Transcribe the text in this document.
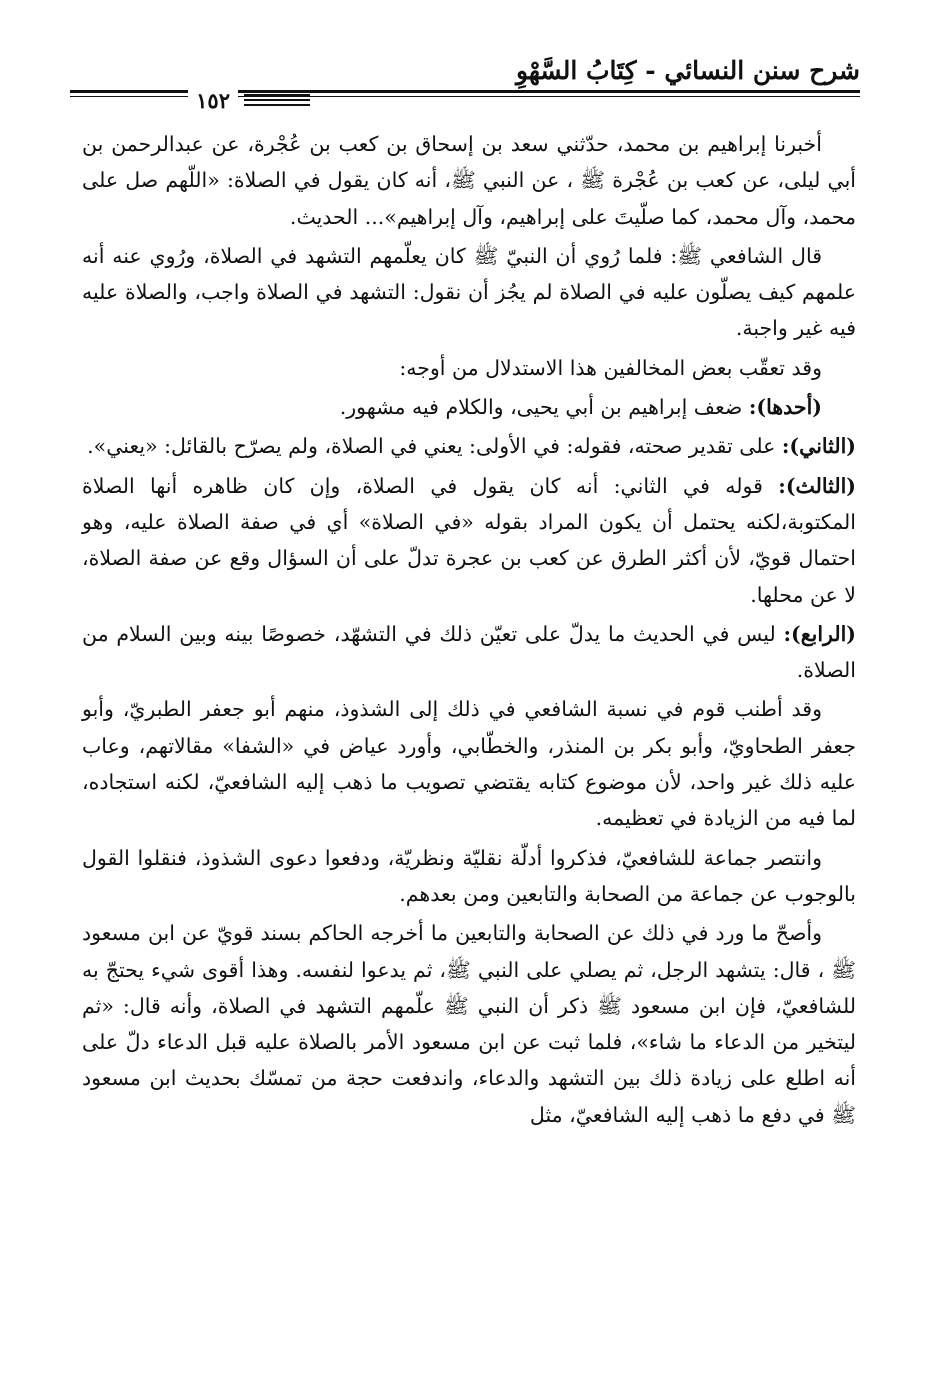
شرح سنن النسائي - كِتَابُ السَّهْوِ
١٥٢

أخبرنا إبراهيم بن محمد، حدّثني سعد بن إسحاق بن كعب بن عُجْرة، عن عبدالرحمن بن أبي ليلى، عن كعب بن عُجْرة ﷺ ، عن النبي ﷺ، أنه كان يقول في الصلاة: «اللّهم صل على محمد، وآل محمد، كما صلّيتَ على إبراهيم، وآل إبراهيم»... الحديث.

قال الشافعي ﷺ: فلما رُوي أن النبيّ ﷺ كان يعلّمهم التشهد في الصلاة، ورُوي عنه أنه علمهم كيف يصلّون عليه في الصلاة لم يجُز أن نقول: التشهد في الصلاة واجب، والصلاة عليه فيه غير واجبة.

وقد تعقّب بعض المخالفين هذا الاستدلال من أوجه:

(أحدها): ضعف إبراهيم بن أبي يحيى، والكلام فيه مشهور.

(الثاني): على تقدير صحته، فقوله: في الأولى: يعني في الصلاة، ولم يصرّح بالقائل: «يعني».

(الثالث): قوله في الثاني: أنه كان يقول في الصلاة، وإن كان ظاهره أنها الصلاة المكتوبة،لكنه يحتمل أن يكون المراد بقوله «في الصلاة» أي في صفة الصلاة عليه، وهو احتمال قويّ، لأن أكثر الطرق عن كعب بن عجرة تدلّ على أن السؤال وقع عن صفة الصلاة، لا عن محلها.

(الرابع): ليس في الحديث ما يدلّ على تعيّن ذلك في التشهّد، خصوصًا بينه وبين السلام من الصلاة.

وقد أطنب قوم في نسبة الشافعي في ذلك إلى الشذوذ، منهم أبو جعفر الطبريّ، وأبو جعفر الطحاويّ، وأبو بكر بن المنذر، والخطّابي، وأورد عياض في «الشفا» مقالاتهم، وعاب عليه ذلك غير واحد، لأن موضوع كتابه يقتضي تصويب ما ذهب إليه الشافعيّ، لكنه استجاده، لما فيه من الزيادة في تعظيمه.

وانتصر جماعة للشافعيّ، فذكروا أدلّة نقليّة ونظريّة، ودفعوا دعوى الشذوذ، فنقلوا القول بالوجوب عن جماعة من الصحابة والتابعين ومن بعدهم.

وأصحّ ما ورد في ذلك عن الصحابة والتابعين ما أخرجه الحاكم بسند قويّ عن ابن مسعود ﷺ ، قال: يتشهد الرجل، ثم يصلي على النبي ﷺ، ثم يدعوا لنفسه. وهذا أقوى شيء يحتجّ به للشافعيّ، فإن ابن مسعود ﷺ ذكر أن النبي ﷺ علّمهم التشهد في الصلاة، وأنه قال: «ثم ليتخير من الدعاء ما شاء»، فلما ثبت عن ابن مسعود الأمر بالصلاة عليه قبل الدعاء دلّ على أنه اطلع على زيادة ذلك بين التشهد والدعاء، واندفعت حجة من تمسّك بحديث ابن مسعود ﷺ في دفع ما ذهب إليه الشافعيّ، مثل
